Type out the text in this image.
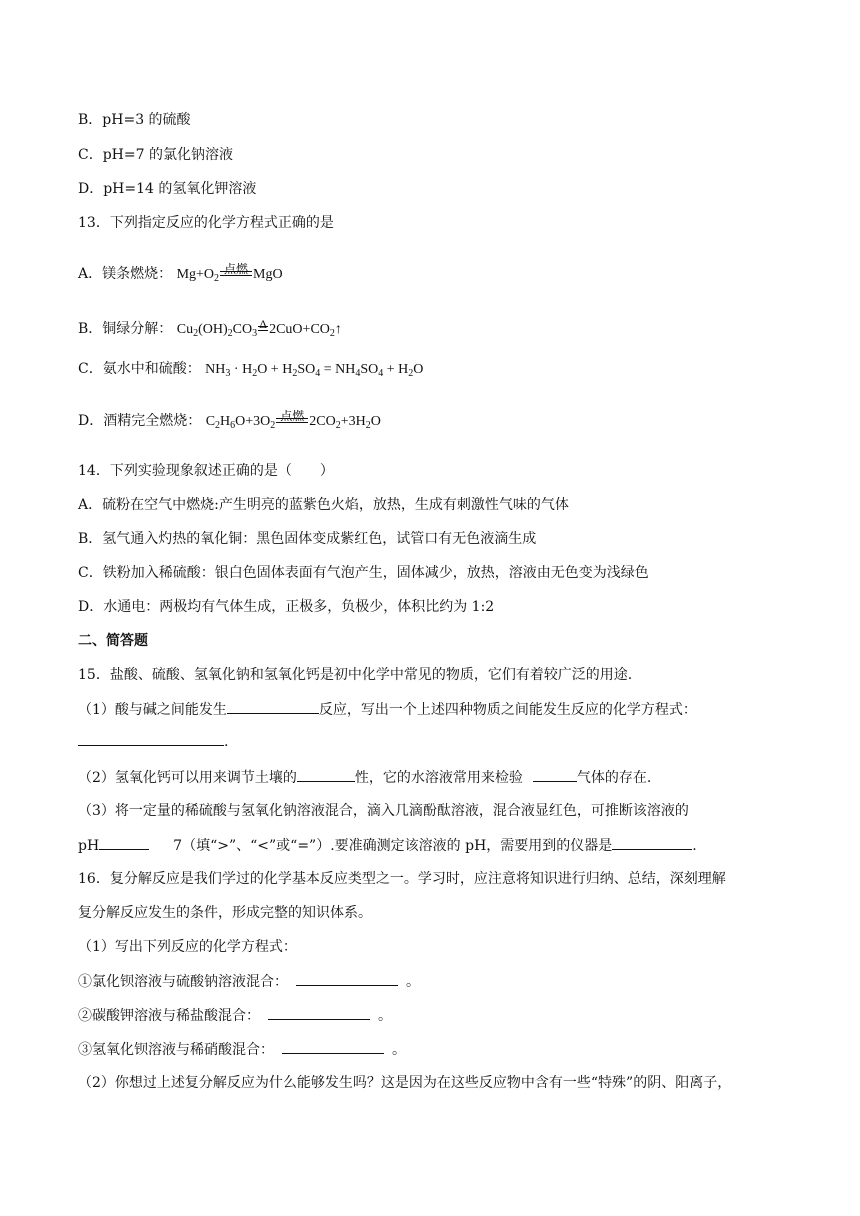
B．pH=3 的硫酸
C．pH=7 的氯化钠溶液
D．pH=14 的氢氧化钾溶液
13．下列指定反应的化学方程式正确的是
A．镁条燃烧： $Mg+O_2$
点燃 MgO
B．铜绿分解： $Cu_2(OH)_2CO_3$
Δ $2CuO+CO_2↑$
C．氨水中和硫酸： $NH_3 \cdot H_2O + H_2SO_4 = NH_4SO_4 + H_2O$
D．酒精完全燃烧： $C_2H_6O+3O_2$
点燃 $2CO_2+3H_2O$
14．下列实验现象叙述正确的是（　　）
A．硫粉在空气中燃烧:产生明亮的蓝紫色火焰，放热，生成有刺激性气味的气体
B．氢气通入灼热的氧化铜：黑色固体变成紫红色，试管口有无色液滴生成
C．铁粉加入稀硫酸：银白色固体表面有气泡产生，固体减少，放热，溶液由无色变为浅绿色
D．水通电：两极均有气体生成，正极多，负极少，体积比约为 1:2
二、简答题
15．盐酸、硫酸、氢氧化钠和氢氧化钙是初中化学中常见的物质，它们有着较广泛的用途.
（1）酸与碱之间能发生	反应，写出一个上述四种物质之间能发生反应的化学方程式：
.
（2）氢氧化钙可以用来调节土壤的	性，它的水溶液常用来检验	气体的存在.
（3）将一定量的稀硫酸与氢氧化钠溶液混合，滴入几滴酚酞溶液，混合液显红色，可推断该溶液的
pH	7（填“>”、“<”或“=”）.要准确测定该溶液的 pH，需要用到的仪器是	.
16．复分解反应是我们学过的化学基本反应类型之一。学习时，应注意将知识进行归纳、总结，深刻理解
复分解反应发生的条件，形成完整的知识体系。
（1）写出下列反应的化学方程式：
①氯化钡溶液与硫酸钠溶液混合：	。
②碳酸钾溶液与稀盐酸混合：	。
③氢氧化钡溶液与稀硝酸混合：	。
（2）你想过上述复分解反应为什么能够发生吗？这是因为在这些反应物中含有一些“特殊”的阴、阳离子，
